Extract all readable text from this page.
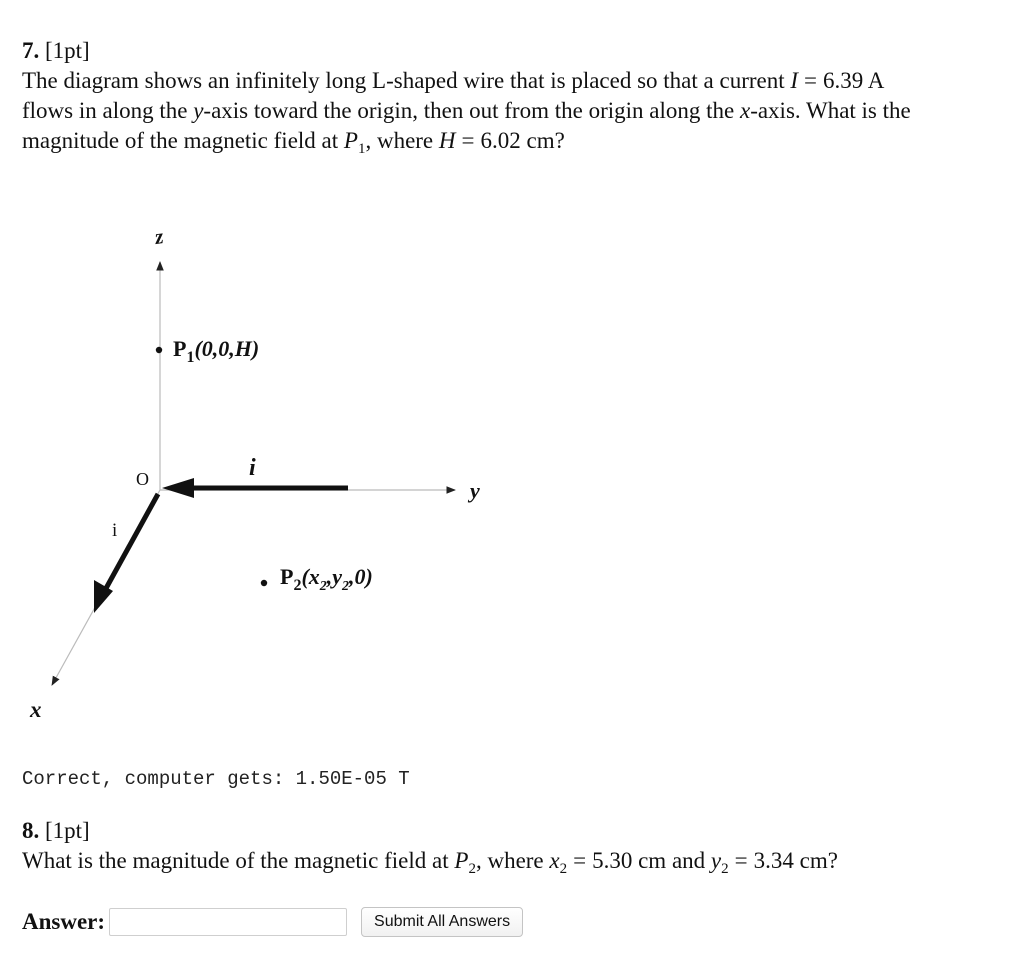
7. [1pt]
The diagram shows an infinitely long L-shaped wire that is placed so that a current I = 6.39 A
flows in along the y-axis toward the origin, then out from the origin along the x-axis. What is the
magnitude of the magnetic field at $P_1$, where H = 6.02 cm?
z
y
x
O	i
i
$P_1(0,0,H)$
$P_2(x_2,y_2,0)$
Correct, computer gets: 1.50E-05 T
8. [1pt]
What is the magnitude of the magnetic field at $P_2$, where $x_2 = 5.30$ cm and $y_2 = 3.34$ cm?
Answer:	Submit All Answers
